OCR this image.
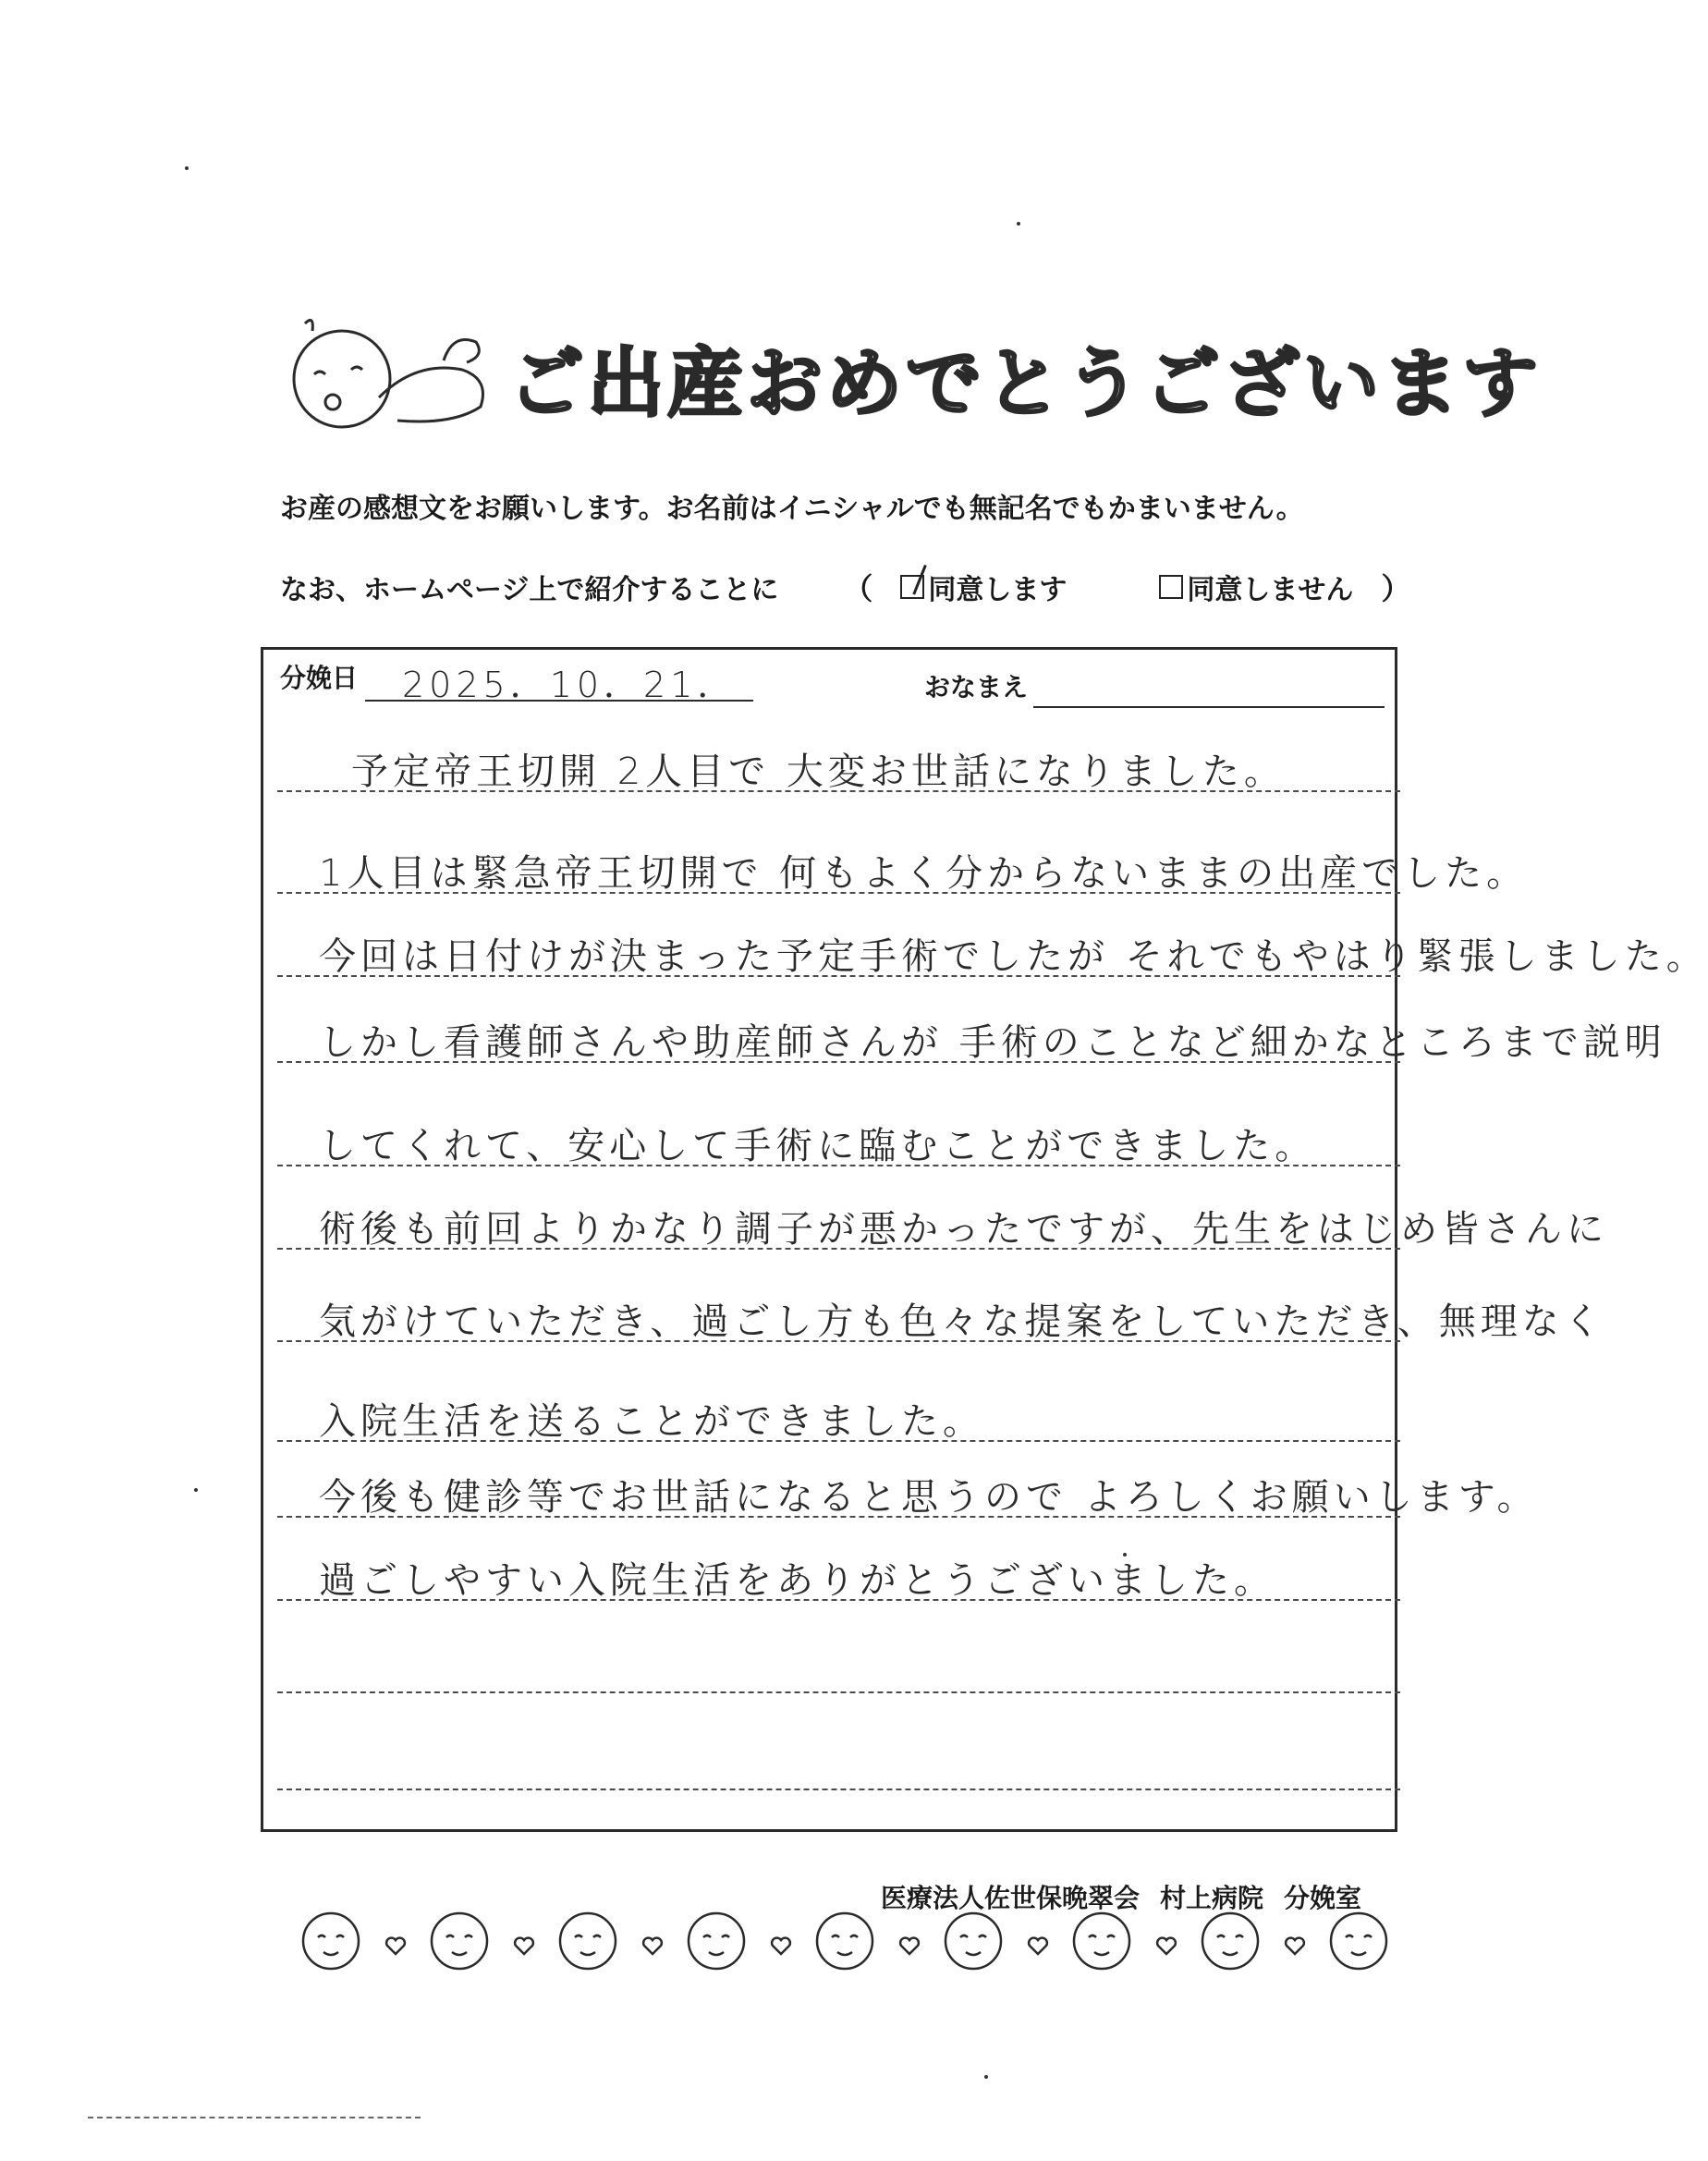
ご出産おめでとうございます
お産の感想文をお願いします。お名前はイニシャルでも無記名でもかまいません。
なお、ホームページ上で紹介することに （ 同意します	同意しません ）
分娩日 2025．10．21．	おなまえ
予定帝王切開 2人目で 大変お世話になりました。
1人目は緊急帝王切開で 何もよく分からないままの出産でした。
今回は日付けが決まった予定手術でしたが それでもやはり緊張しました。
しかし看護師さんや助産師さんが 手術のことなど細かなところまで説明
してくれて、安心して手術に臨むことができました。
術後も前回よりかなり調子が悪かったですが、先生をはじめ皆さんに
気がけていただき、過ごし方も色々な提案をしていただき、無理なく
入院生活を送ることができました。
今後も健診等でお世話になると思うので よろしくお願いします。
過ごしやすい入院生活をありがとうございました。
医療法人佐世保晩翠会 村上病院 分娩室
